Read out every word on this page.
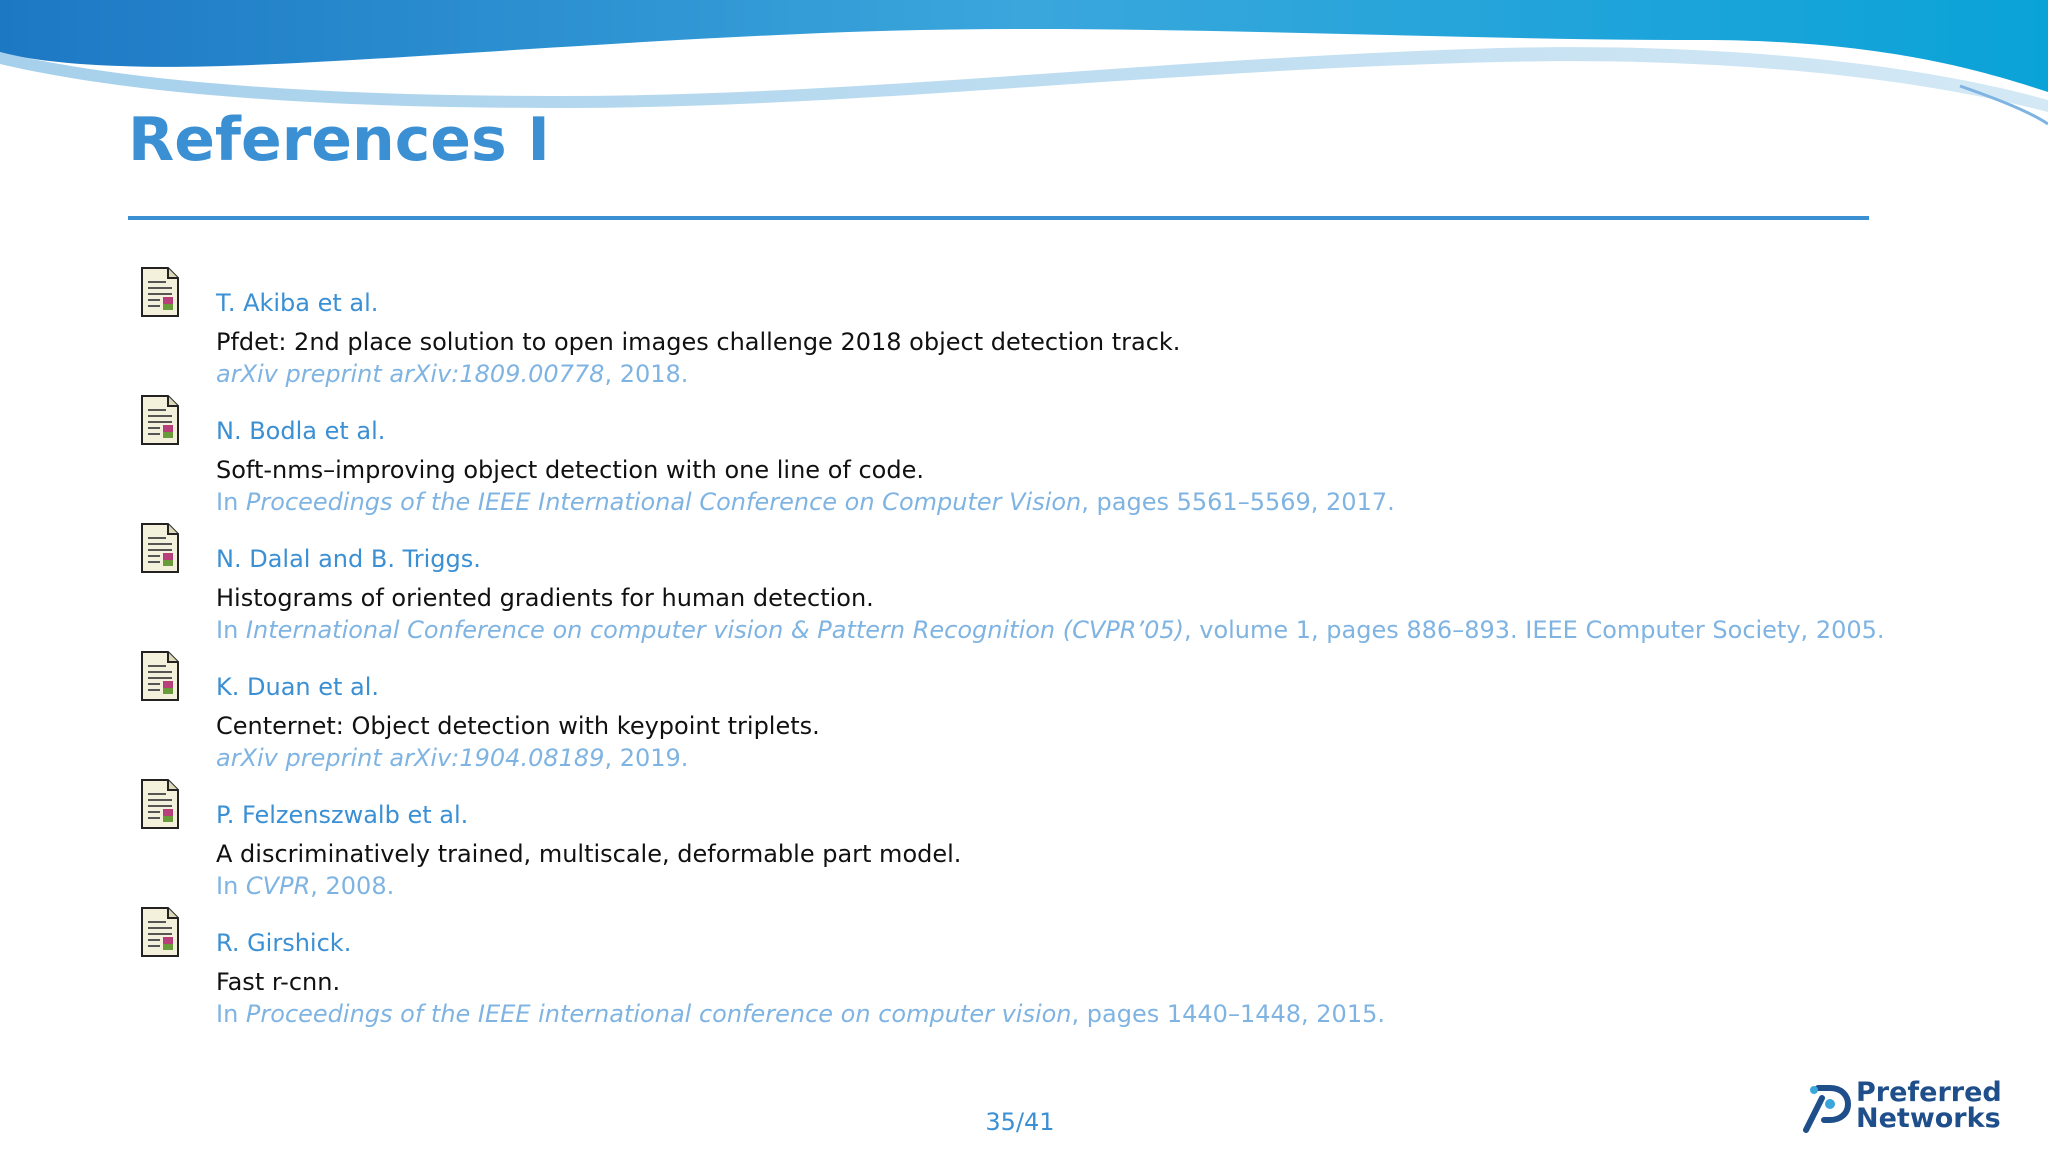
References I
T. Akiba et al.
Pfdet: 2nd place solution to open images challenge 2018 object detection track.
arXiv preprint arXiv:1809.00778, 2018.
N. Bodla et al.
Soft-nms–improving object detection with one line of code.
In Proceedings of the IEEE International Conference on Computer Vision, pages 5561–5569, 2017.
N. Dalal and B. Triggs.
Histograms of oriented gradients for human detection.
In International Conference on computer vision & Pattern Recognition (CVPR’05), volume 1, pages 886–893. IEEE Computer Society, 2005.
K. Duan et al.
Centernet: Object detection with keypoint triplets.
arXiv preprint arXiv:1904.08189, 2019.
P. Felzenszwalb et al.
A discriminatively trained, multiscale, deformable part model.
In CVPR, 2008.
R. Girshick.
Fast r-cnn.
In Proceedings of the IEEE international conference on computer vision, pages 1440–1448, 2015.
35/41
Preferred
Networks
